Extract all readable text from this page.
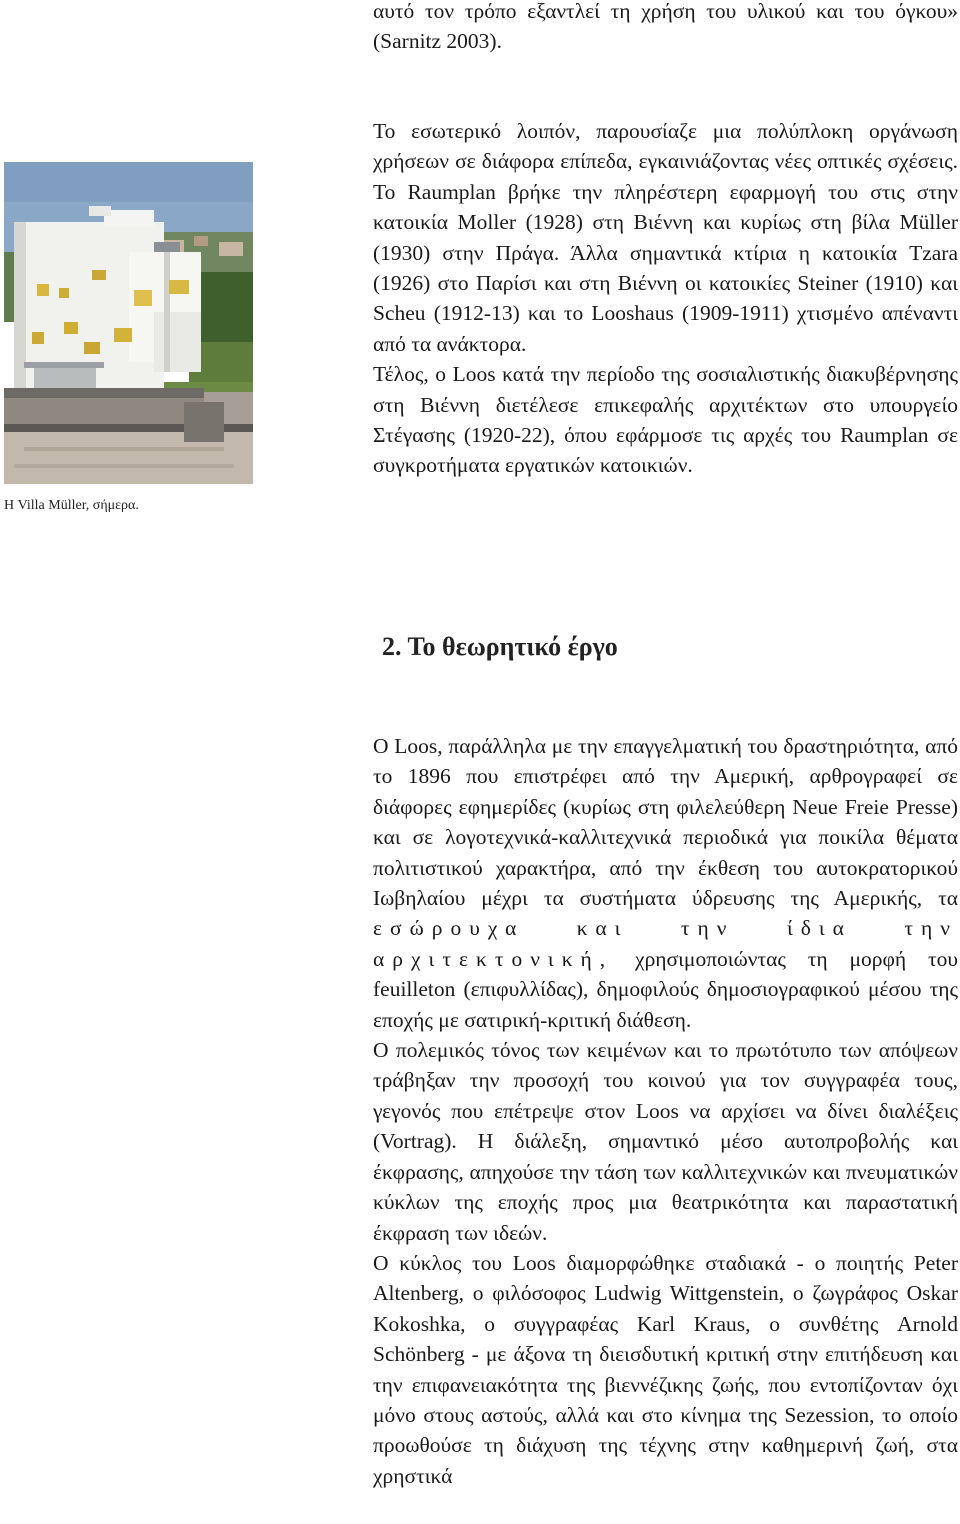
Η Villa Müller, σήμερα.

αυτό τον τρόπο εξαντλεί τη χρήση του υλικού και του όγκου» (Sarnitz 2003).

Το εσωτερικό λοιπόν, παρουσίαζε μια πολύπλοκη οργάνωση χρήσεων σε διάφορα επίπεδα, εγκαινιάζοντας νέες οπτικές σχέσεις. Το Raumplan βρήκε την πληρέστερη εφαρμογή του στις στην κατοικία Moller (1928) στη Βιέννη και κυρίως στη βίλα Müller (1930) στην Πράγα. Άλλα σημαντικά κτίρια η κατοικία Tzara (1926) στο Παρίσι και στη Βιέννη οι κατοικίες Steiner (1910) και Scheu (1912-13) και το Looshaus (1909-1911) χτισμένο απέναντι από τα ανάκτορα.

Τέλος, ο Loos κατά την περίοδο της σοσιαλιστικής διακυβέρνησης στη Βιέννη διετέλεσε επικεφαλής αρχιτέκτων στο υπουργείο Στέγασης (1920-22), όπου εφάρμοσε τις αρχές του Raumplan σε συγκροτήματα εργατικών κατοικιών.

2. Το θεωρητικό έργο

Ο Loos, παράλληλα με την επαγγελματική του δραστηριότητα, από το 1896 που επιστρέφει από την Αμερική, αρθρογραφεί σε διάφορες εφημερίδες (κυρίως στη φιλελεύθερη Neue Freie Presse) και σε λογοτεχνικά-καλλιτεχνικά περιοδικά για ποικίλα θέματα πολιτιστικού χαρακτήρα, από την έκθεση του αυτοκρατορικού Ιωβηλαίου μέχρι τα συστήματα ύδρευσης της Αμερικής, τα εσώρουχα και την ίδια την αρχιτεκτονική, χρησιμοποιώντας τη μορφή του feuilleton (επιφυλλίδας), δημοφιλούς δημοσιογραφικού μέσου της εποχής με σατιρική-κριτική διάθεση.

Ο πολεμικός τόνος των κειμένων και το πρωτότυπο των απόψεων τράβηξαν την προσοχή του κοινού για τον συγγραφέα τους, γεγονός που επέτρεψε στον Loos να αρχίσει να δίνει διαλέξεις (Vortrag). Η διάλεξη, σημαντικό μέσο αυτοπροβολής και έκφρασης, απηχούσε την τάση των καλλιτεχνικών και πνευματικών κύκλων της εποχής προς μια θεατρικότητα και παραστατική έκφραση των ιδεών.

Ο κύκλος του Loos διαμορφώθηκε σταδιακά - ο ποιητής Peter Altenberg, ο φιλόσοφος Ludwig Wittgenstein, ο ζωγράφος Oskar Kokoshka, ο συγγραφέας Karl Kraus, ο συνθέτης Arnold Schönberg - με άξονα τη διεισδυτική κριτική στην επιτήδευση και την επιφανειακότητα της βιεννέζικης ζωής, που εντοπίζονταν όχι μόνο στους αστούς, αλλά και στο κίνημα της Sezession, το οποίο προωθούσε τη διάχυση της τέχνης στην καθημερινή ζωή, στα χρηστικά
